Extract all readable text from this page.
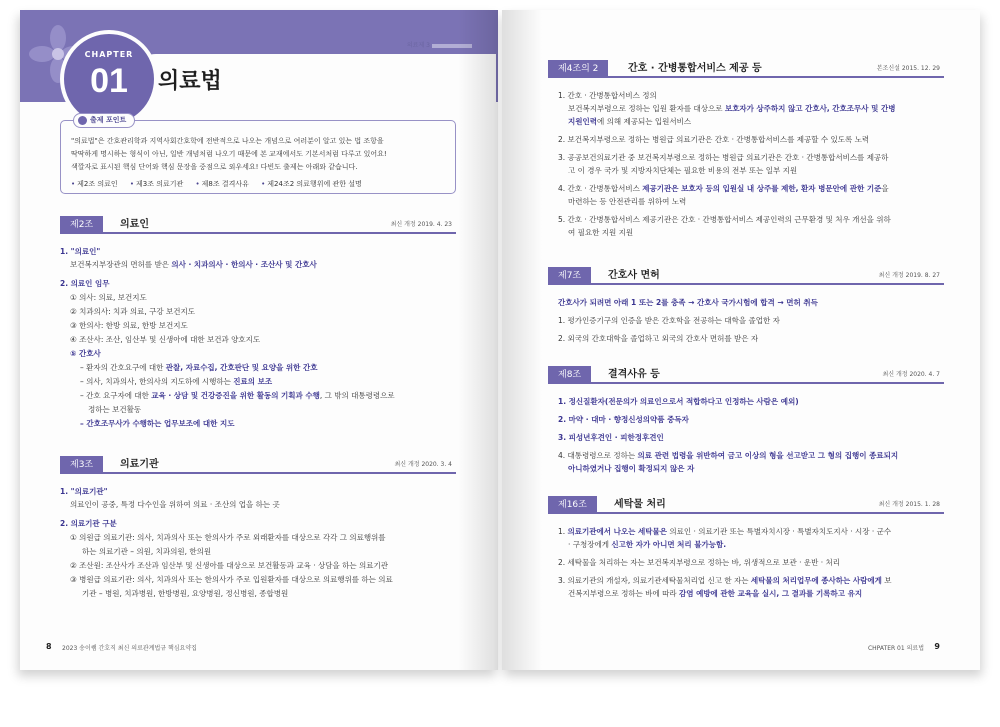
의료제 3
의료법
CHAPTER
01
출제 포인트
"의료법"은 간호관리학과 지역사회간호학에 전반적으로 나오는 개념으로 여러분이 알고 있는 법 조항을
딱딱하게 명시하는 형식이 아닌, 일반 개념처럼 나오기 때문에 본 교재에서도 기본서처럼 다루고 있어요!
색깔자로 표시된 핵심 단어와 핵심 문장을 중점으로 외우세요! 다빈도 출제는 아래와 같습니다.
• 제2조 의료인	• 제3조 의료기관	• 제8조 결격사유	• 제24조2 의료행위에 관한 설명
제2조	의료인	최신 개정 2019. 4. 23
1. "의료인"
보건복지부장관의 면허를 받은 의사 · 치과의사 · 한의사 · 조산사 및 간호사
2. 의료인 임무
① 의사: 의료, 보건지도
② 치과의사: 치과 의료, 구강 보건지도
③ 한의사: 한방 의료, 한방 보건지도
④ 조산사: 조산, 임산부 및 신생아에 대한 보건과 양호지도
⑤ 간호사
– 환자의 간호요구에 대한 관찰, 자료수집, 간호판단 및 요양을 위한 간호
– 의사, 치과의사, 한의사의 지도하에 시행하는 진료의 보조
– 간호 요구자에 대한 교육 · 상담 및 건강증진을 위한 활동의 기획과 수행, 그 밖의 대통령령으로
정하는 보건활동
– 간호조무사가 수행하는 업무보조에 대한 지도
제3조	의료기관	최신 개정 2020. 3. 4
1. "의료기관"
의료인이 공중, 특정 다수인을 위하여 의료 · 조산의 업을 하는 곳
2. 의료기관 구분
① 의원급 의료기관: 의사, 치과의사 또는 한의사가 주로 외래환자를 대상으로 각각 그 의료행위를
하는 의료기관 – 의원, 치과의원, 한의원
② 조산원: 조산사가 조산과 임산부 및 신생아를 대상으로 보건활동과 교육 · 상담을 하는 의료기관
③ 병원급 의료기관: 의사, 치과의사 또는 한의사가 주로 입원환자를 대상으로 의료행위를 하는 의료
기관 – 병원, 치과병원, 한방병원, 요양병원, 정신병원, 종합병원
8 2023 송이쌤 간호직 최신 의료관계법규 핵심요약집
제4조의 2	간호 · 간병통합서비스 제공 등	본조신설 2015. 12. 29
1. 간호 · 간병통합서비스 정의
보건복지부령으로 정하는 입원 환자를 대상으로 보호자가 상주하지 않고 간호사, 간호조무사 및 간병
지원인력에 의해 제공되는 입원서비스
2. 보건복지부령으로 정하는 병원급 의료기관은 간호 · 간병통합서비스를 제공할 수 있도록 노력
3. 공공보건의료기관 중 보건복지부령으로 정하는 병원급 의료기관은 간호 · 간병통합서비스를 제공하
고 이 경우 국가 및 지방자치단체는 필요한 비용의 전부 또는 일부 지원
4. 간호 · 간병통합서비스 제공기관은 보호자 등의 입원실 내 상주를 제한, 환자 병문안에 관한 기준을
마련하는 등 안전관리를 위하여 노력
5. 간호 · 간병통합서비스 제공기관은 간호 · 간병통합서비스 제공인력의 근무환경 및 처우 개선을 위하
여 필요한 지원 지원
제7조	간호사 면허	최신 개정 2019. 8. 27
간호사가 되려면 아래 1 또는 2를 충족 → 간호사 국가시험에 합격 → 면허 취득
1. 평가인증기구의 인증을 받은 간호학을 전공하는 대학을 졸업한 자
2. 외국의 간호대학을 졸업하고 외국의 간호사 면허를 받은 자
제8조	결격사유 등	최신 개정 2020. 4. 7
1. 정신질환자(전문의가 의료인으로서 적합하다고 인정하는 사람은 예외)
2. 마약 · 대마 · 향정신성의약품 중독자
3. 피성년후견인 · 피한정후견인
4. 대통령령으로 정하는 의료 관련 법령을 위반하여 금고 이상의 형을 선고받고 그 형의 집행이 종료되지
아니하였거나 집행이 확정되지 않은 자
제16조	세탁물 처리	최신 개정 2015. 1. 28
1. 의료기관에서 나오는 세탁물은 의료인 · 의료기관 또는 특별자치시장 · 특별자치도지사 · 시장 · 군수
· 구청장에게 신고한 자가 아니면 처리 불가능함.
2. 세탁물을 처리하는 자는 보건복지부령으로 정하는 바, 위생적으로 보관 · 운반 · 처리
3. 의료기관의 개설자, 의료기관세탁물처리업 신고 한 자는 세탁물의 처리업무에 종사하는 사람에게 보
건복지부령으로 정하는 바에 따라 감염 예방에 관한 교육을 실시, 그 결과를 기록하고 유지
CHPATER 01 의료법 9
